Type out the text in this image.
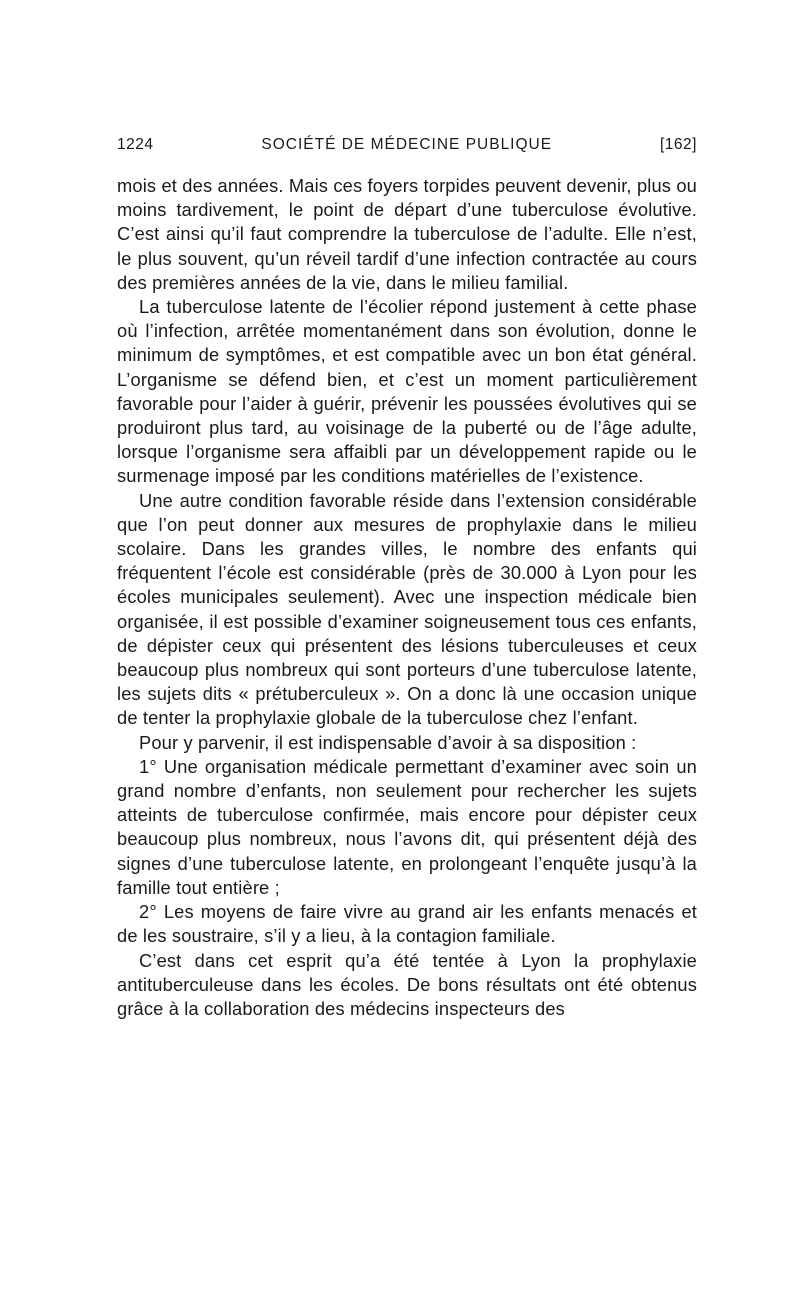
1224	SOCIÉTÉ DE MÉDECINE PUBLIQUE	[162]

mois et des années. Mais ces foyers torpides peuvent devenir, plus ou moins tardivement, le point de départ d’une tuberculose évolutive. C’est ainsi qu’il faut comprendre la tuberculose de l’adulte. Elle n’est, le plus souvent, qu’un réveil tardif d’une infection contractée au cours des premières années de la vie, dans le milieu familial.

La tuberculose latente de l’écolier répond justement à cette phase où l’infection, arrêtée momentanément dans son évolution, donne le minimum de symptômes, et est compatible avec un bon état général. L’organisme se défend bien, et c’est un moment particulièrement favorable pour l’aider à guérir, prévenir les poussées évolutives qui se produiront plus tard, au voisinage de la puberté ou de l’âge adulte, lorsque l’organisme sera affaibli par un développement rapide ou le surmenage imposé par les conditions matérielles de l’existence.

Une autre condition favorable réside dans l’extension considérable que l’on peut donner aux mesures de prophylaxie dans le milieu scolaire. Dans les grandes villes, le nombre des enfants qui fréquentent l’école est considérable (près de 30.000 à Lyon pour les écoles municipales seulement). Avec une inspection médicale bien organisée, il est possible d’examiner soigneusement tous ces enfants, de dépister ceux qui présentent des lésions tuberculeuses et ceux beaucoup plus nombreux qui sont porteurs d’une tuberculose latente, les sujets dits « prétuberculeux ». On a donc là une occasion unique de tenter la prophylaxie globale de la tuberculose chez l’enfant.

Pour y parvenir, il est indispensable d’avoir à sa disposition :

1° Une organisation médicale permettant d’examiner avec soin un grand nombre d’enfants, non seulement pour rechercher les sujets atteints de tuberculose confirmée, mais encore pour dépister ceux beaucoup plus nombreux, nous l’avons dit, qui présentent déjà des signes d’une tuberculose latente, en prolongeant l’enquête jusqu’à la famille tout entière ;

2° Les moyens de faire vivre au grand air les enfants menacés et de les soustraire, s’il y a lieu, à la contagion familiale.

C’est dans cet esprit qu’a été tentée à Lyon la prophylaxie antituberculeuse dans les écoles. De bons résultats ont été obtenus grâce à la collaboration des médecins inspecteurs des
